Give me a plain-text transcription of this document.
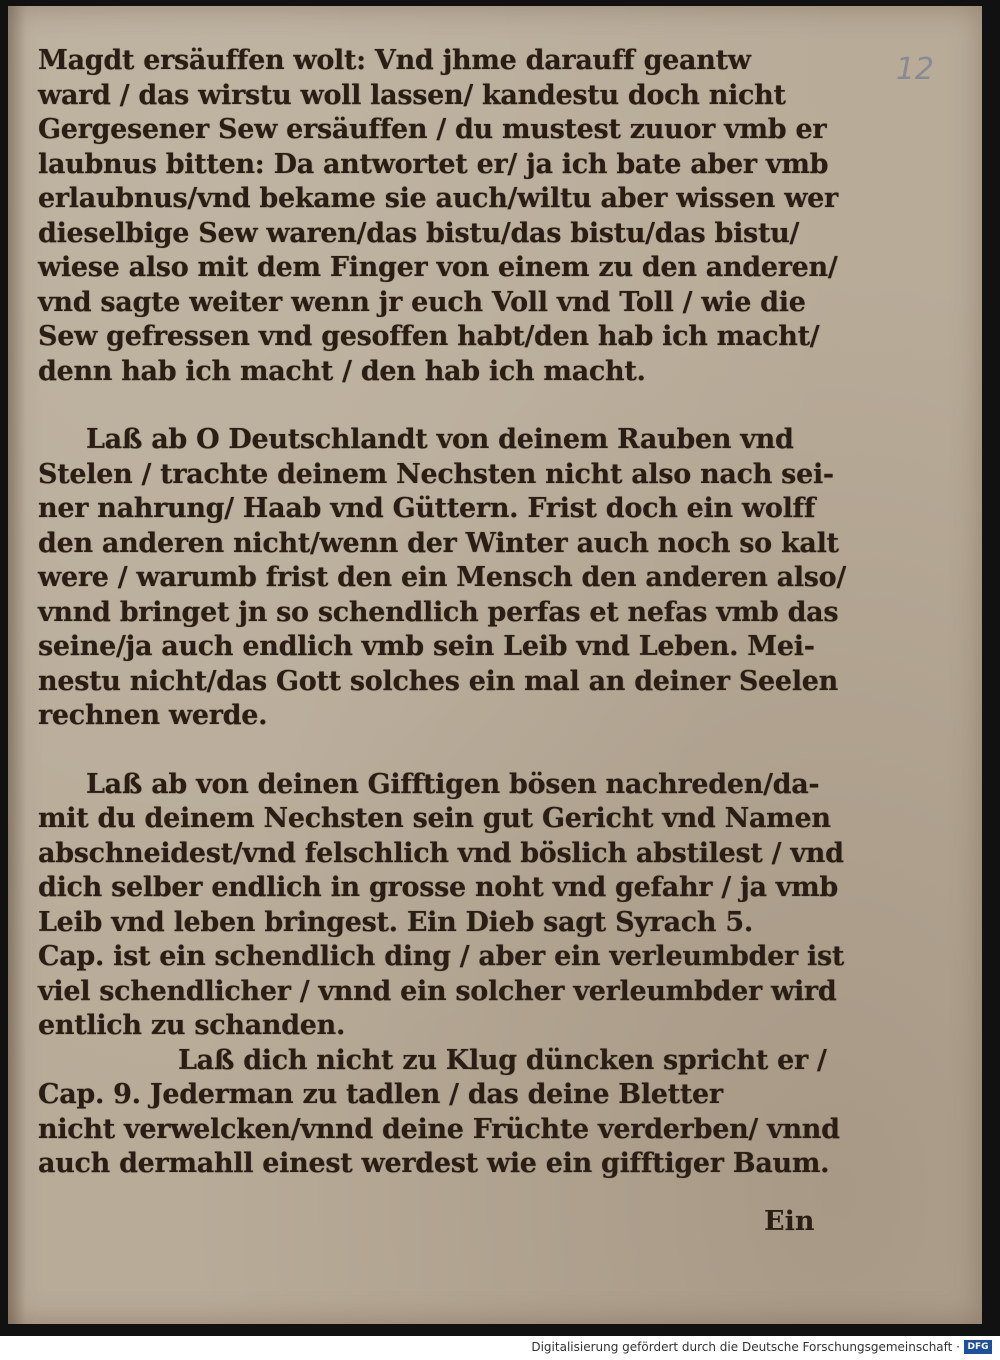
12
Magdt ersäuffen wolt: Vnd jhme darauff geantw
ward / das wirstu woll lassen/ kandestu doch nicht
Gergesener Sew ersäuffen / du mustest zuuor vmb er
laubnus bitten: Da antwortet er/ ja ich bate aber vmb
erlaubnus/vnd bekame sie auch/wiltu aber wissen wer
dieselbige Sew waren/das bistu/das bistu/das bistu/
wiese also mit dem Finger von einem zu den anderen/
vnd sagte weiter wenn jr euch Voll vnd Toll / wie die
Sew gefressen vnd gesoffen habt/den hab ich macht/
denn hab ich macht / den hab ich macht.
Laß ab O Deutschlandt von deinem Rauben vnd
Stelen / trachte deinem Nechsten nicht also nach sei-
ner nahrung/ Haab vnd Güttern. Frist doch ein wolff
den anderen nicht/wenn der Winter auch noch so kalt
were / warumb frist den ein Mensch den anderen also/
vnnd bringet jn so schendlich perfas et nefas vmb das
seine/ja auch endlich vmb sein Leib vnd Leben. Mei-
nestu nicht/das Gott solches ein mal an deiner Seelen
rechnen werde.
Laß ab von deinen Gifftigen bösen nachreden/da-
mit du deinem Nechsten sein gut Gericht vnd Namen
abschneidest/vnd felschlich vnd böslich abstilest / vnd
dich selber endlich in grosse noht vnd gefahr / ja vmb
Leib vnd leben bringest. Ein Dieb sagt Syrach 5.
Cap. ist ein schendlich ding / aber ein verleumbder ist
viel schendlicher / vnnd ein solcher verleumbder wird
entlich zu schanden.
Laß dich nicht zu Klug düncken spricht er /
Cap. 9. Jederman zu tadlen / das deine Bletter
nicht verwelcken/vnnd deine Früchte verderben/ vnnd
auch dermahll einest werdest wie ein gifftiger Baum.
Ein
Digitalisierung gefördert durch die Deutsche Forschungsgemeinschaft · DFG
